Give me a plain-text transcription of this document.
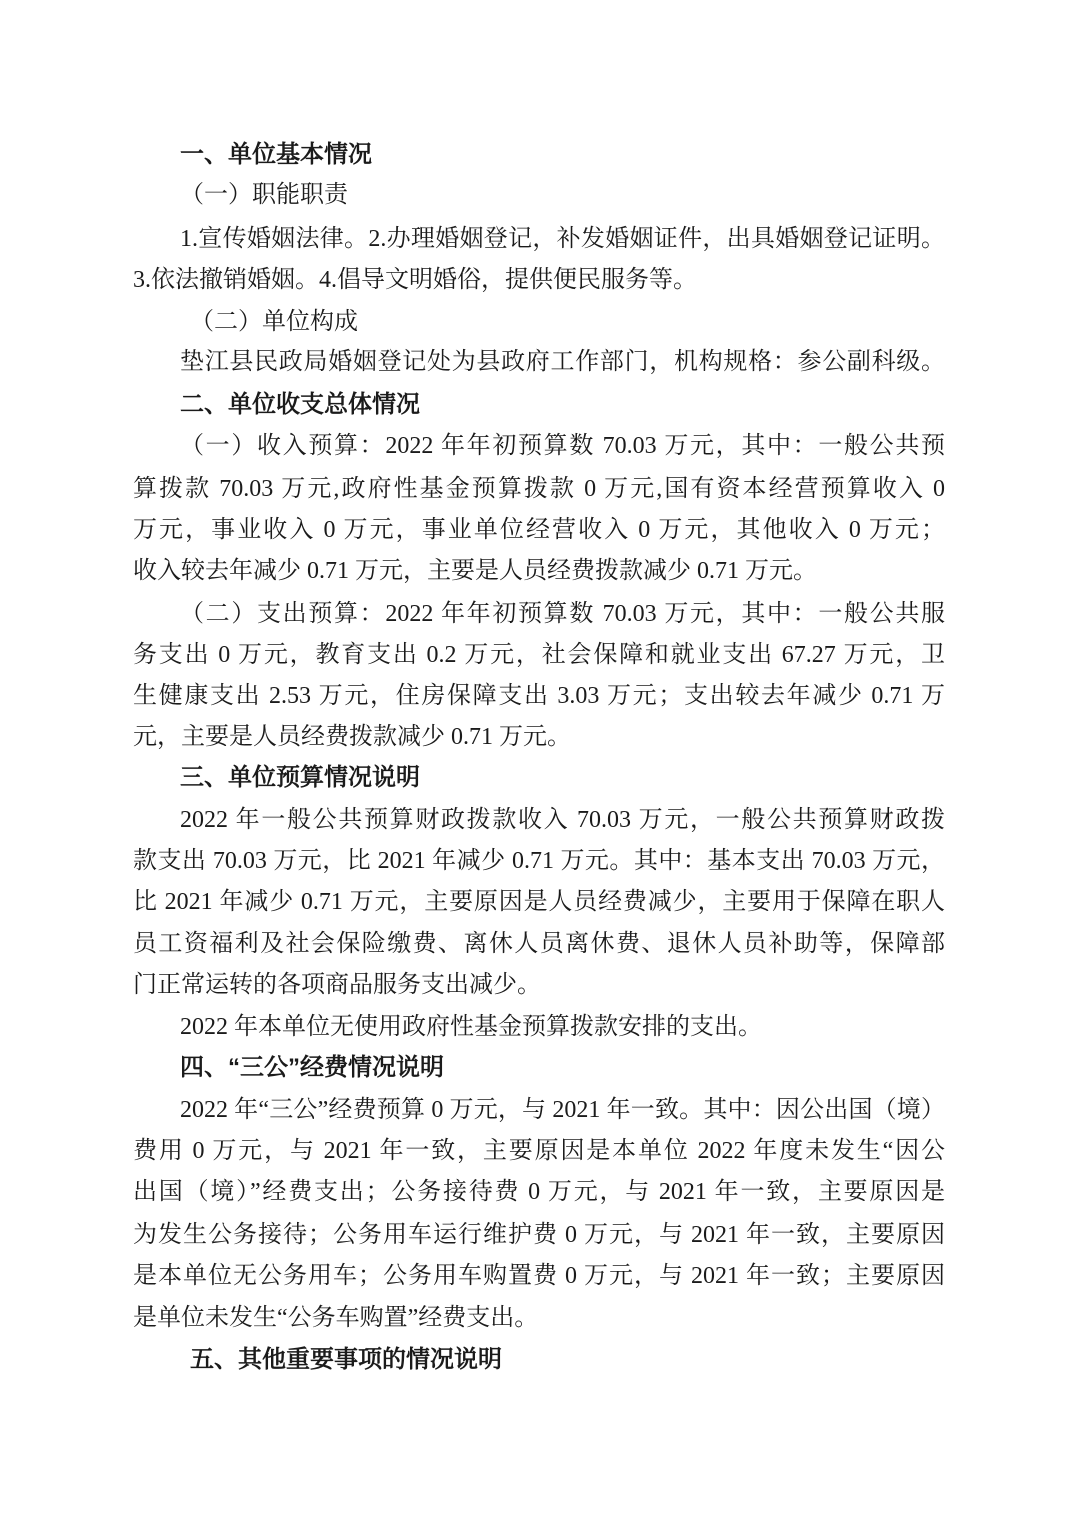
一、单位基本情况
（一）职能职责
1.宣传婚姻法律。2.办理婚姻登记，补发婚姻证件，出具婚姻登记证明。
3.依法撤销婚姻。4.倡导文明婚俗，提供便民服务等。
（二）单位构成
垫江县民政局婚姻登记处为县政府工作部门，机构规格：参公副科级。
二、单位收支总体情况
（一）收入预算：2022 年年初预算数 70.03 万元，其中：一般公共预
算拨款 70.03 万元,政府性基金预算拨款 0 万元,国有资本经营预算收入 0
万元，事业收入 0 万元，事业单位经营收入 0 万元，其他收入 0 万元；
收入较去年减少 0.71 万元，主要是人员经费拨款减少 0.71 万元。
（二）支出预算：2022 年年初预算数 70.03 万元，其中：一般公共服
务支出 0 万元，教育支出 0.2 万元，社会保障和就业支出 67.27 万元，卫
生健康支出 2.53 万元，住房保障支出 3.03 万元；支出较去年减少 0.71 万
元，主要是人员经费拨款减少 0.71 万元。
三、单位预算情况说明
2022 年一般公共预算财政拨款收入 70.03 万元，一般公共预算财政拨
款支出 70.03 万元，比 2021 年减少 0.71 万元。其中：基本支出 70.03 万元，
比 2021 年减少 0.71 万元，主要原因是人员经费减少，主要用于保障在职人
员工资福利及社会保险缴费、离休人员离休费、退休人员补助等，保障部
门正常运转的各项商品服务支出减少。
2022 年本单位无使用政府性基金预算拨款安排的支出。
四、“三公”经费情况说明
2022 年“三公”经费预算 0 万元，与 2021 年一致。其中：因公出国（境）
费用 0 万元，与 2021 年一致，主要原因是本单位 2022 年度未发生“因公
出国（境）”经费支出；公务接待费 0 万元，与 2021 年一致，主要原因是
为发生公务接待；公务用车运行维护费 0 万元，与 2021 年一致，主要原因
是本单位无公务用车；公务用车购置费 0 万元，与 2021 年一致；主要原因
是单位未发生“公务车购置”经费支出。
五、其他重要事项的情况说明
